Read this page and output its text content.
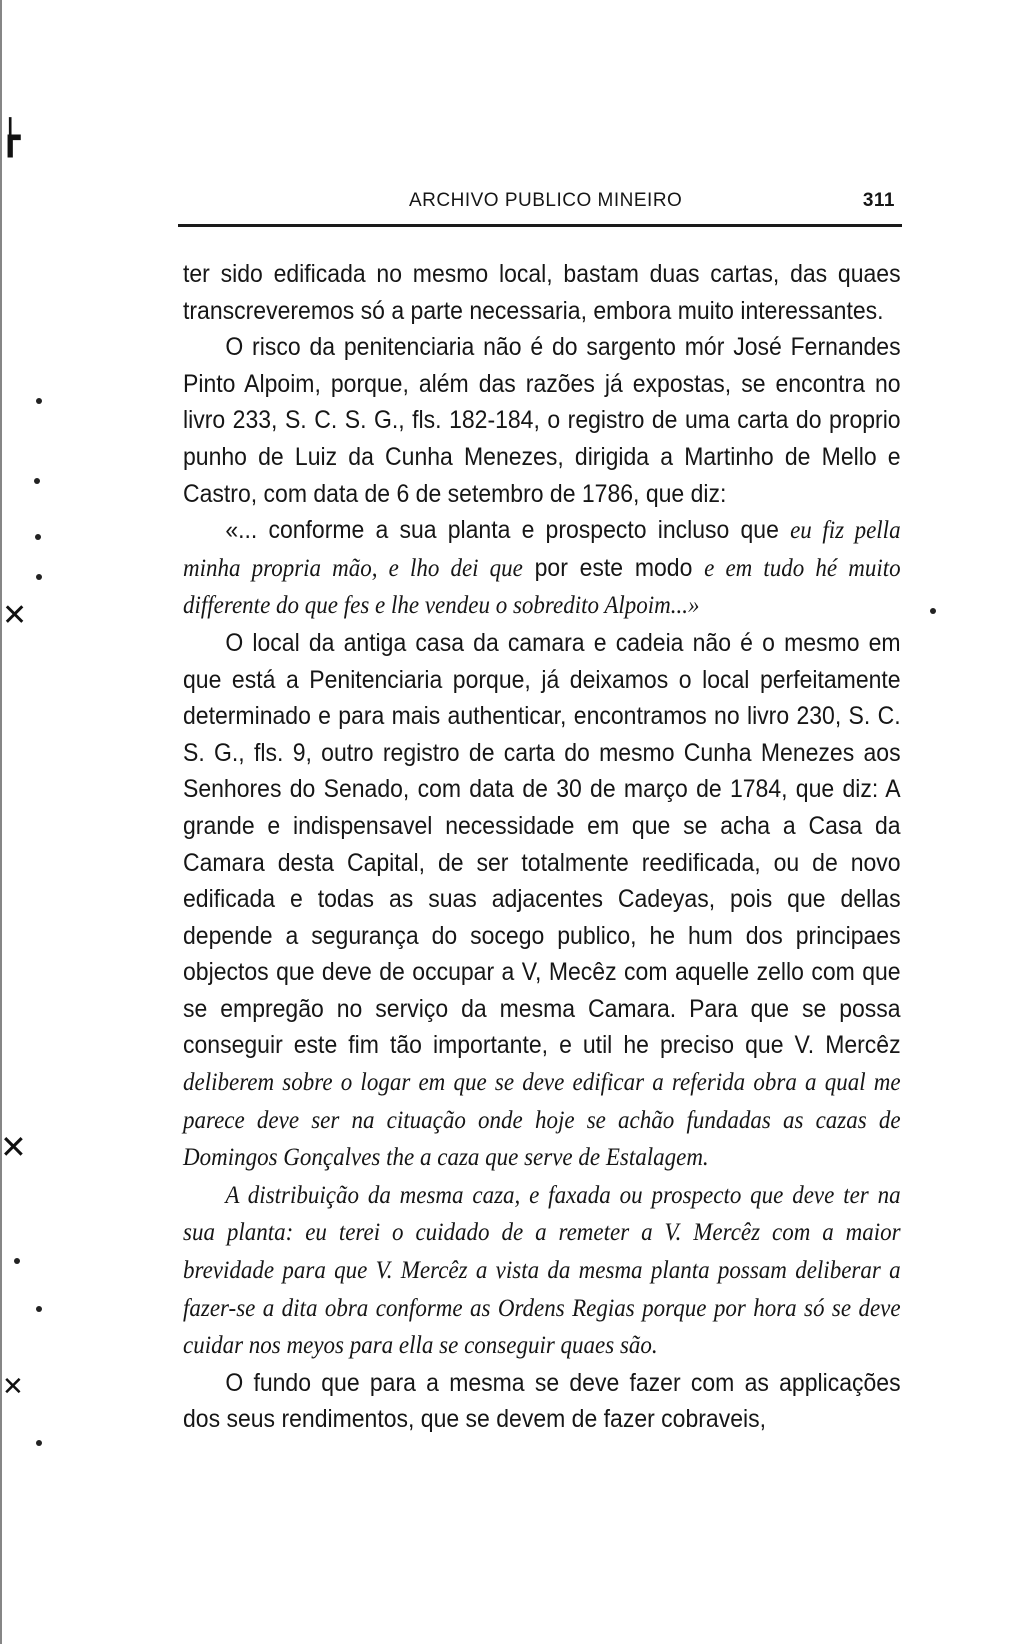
┢
✕
✕
✕
ARCHIVO PUBLICO MINEIRO	311

ter sido edificada no mesmo local, bastam duas cartas, das quaes transcreveremos só a parte necessaria, embora muito interessantes.

O risco da penitenciaria não é do sargento mór José Fernandes Pinto Alpoim, porque, além das razões já expostas, se encontra no livro 233, S. C. S. G., fls. 182-184, o registro de uma carta do proprio punho de Luiz da Cunha Menezes, dirigida a Martinho de Mello e Castro, com data de 6 de setembro de 1786, que diz:

«... conforme a sua planta e prospecto incluso que eu fiz pella minha propria mão, e lho dei que por este modo e em tudo hé muito differente do que fes e lhe vendeu o sobredito Alpoim...»

O local da antiga casa da camara e cadeia não é o mesmo em que está a Penitenciaria porque, já deixamos o local perfeitamente determinado e para mais authenticar, encontramos no livro 230, S. C. S. G., fls. 9, outro registro de carta do mesmo Cunha Menezes aos Senhores do Senado, com data de 30 de março de 1784, que diz: A grande e indispensavel necessidade em que se acha a Casa da Camara desta Capital, de ser totalmente reedificada, ou de novo edificada e todas as suas adjacentes Cadeyas, pois que dellas depende a segurança do socego publico, he hum dos principaes objectos que deve de occupar a V, Mecêz com aquelle zello com que se empregão no serviço da mesma Camara. Para que se possa conseguir este fim tão importante, e util he preciso que V. Mercêz deliberem sobre o logar em que se deve edificar a referida obra a qual me parece deve ser na cituação onde hoje se achão fundadas as cazas de Domingos Gonçalves the a caza que serve de Estalagem.

A distribuição da mesma caza, e faxada ou prospecto que deve ter na sua planta: eu terei o cuidado de a remeter a V. Mercêz com a maior brevidade para que V. Mercêz a vista da mesma planta possam deliberar a fazer-se a dita obra conforme as Ordens Regias porque por hora só se deve cuidar nos meyos para ella se conseguir quaes são.

O fundo que para a mesma se deve fazer com as applicações dos seus rendimentos, que se devem de fazer cobraveis,
